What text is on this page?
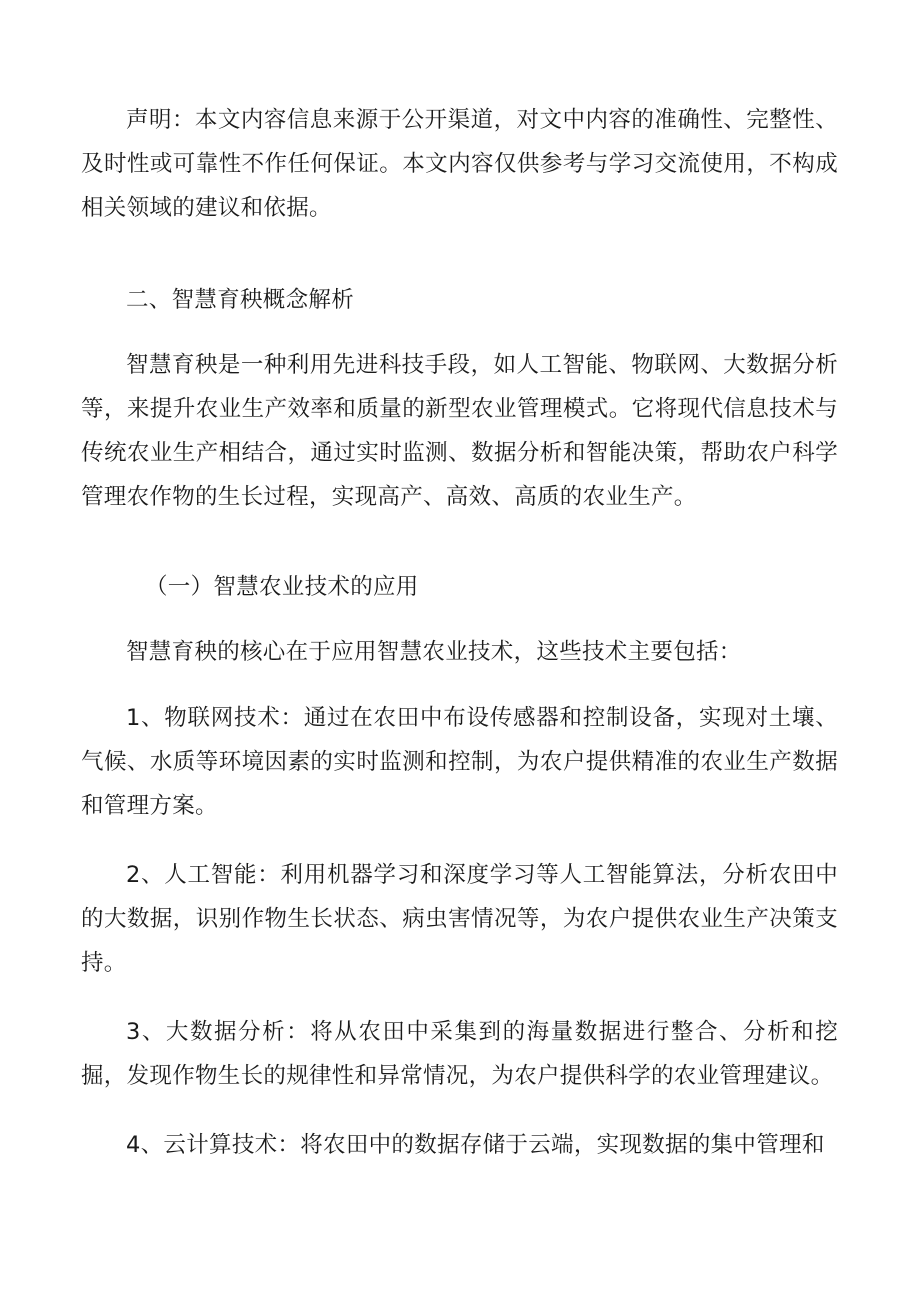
声明：本文内容信息来源于公开渠道，对文中内容的准确性、完整性、及时性或可靠性不作任何保证。本文内容仅供参考与学习交流使用，不构成相关领域的建议和依据。

二、智慧育秧概念解析

智慧育秧是一种利用先进科技手段，如人工智能、物联网、大数据分析等，来提升农业生产效率和质量的新型农业管理模式。它将现代信息技术与传统农业生产相结合，通过实时监测、数据分析和智能决策，帮助农户科学管理农作物的生长过程，实现高产、高效、高质的农业生产。

（一）智慧农业技术的应用

智慧育秧的核心在于应用智慧农业技术，这些技术主要包括：

1、物联网技术：通过在农田中布设传感器和控制设备，实现对土壤、气候、水质等环境因素的实时监测和控制，为农户提供精准的农业生产数据和管理方案。

2、人工智能：利用机器学习和深度学习等人工智能算法，分析农田中的大数据，识别作物生长状态、病虫害情况等，为农户提供农业生产决策支持。

3、大数据分析：将从农田中采集到的海量数据进行整合、分析和挖掘，发现作物生长的规律性和异常情况，为农户提供科学的农业管理建议。

4、云计算技术：将农田中的数据存储于云端，实现数据的集中管理和
